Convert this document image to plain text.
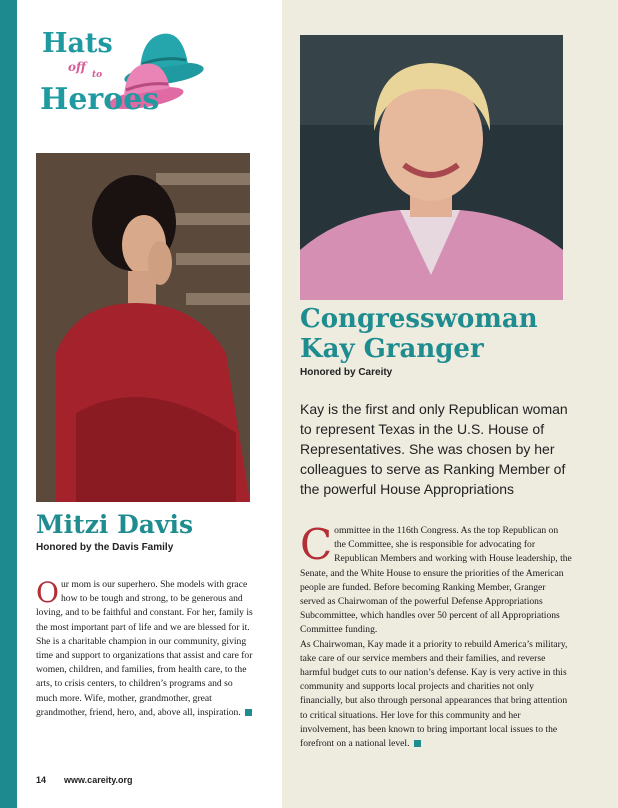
Hats
off
to
Heroes
Mitzi Davis
Honored by the Davis Family
Our mom is our superhero. She models with grace how to be tough and strong, to be generous and loving, and to be faithful and constant. For her, family is the most important part of life and we are blessed for it. She is a charitable champion in our community, giving time and support to organizations that assist and care for women, children, and families, from health care, to the arts, to crisis centers, to children’s programs and so much more. Wife, mother, grandmother, great grandmother, friend, hero, and, above all, inspiration.
Congresswoman
Kay Granger
Honored by Careity
Kay is the first and only Republican woman to represent Texas in the U.S. House of Representatives. She was chosen by her colleagues to serve as Ranking Member of the powerful House Appropriations
Committee in the 116th Congress. As the top Republican on the Committee, she is responsible for advocating for Republican Members and working with House leadership, the Senate, and the White House to ensure the priorities of the American people are funded. Before becoming Ranking Member, Granger served as Chairwoman of the powerful Defense Appropriations Subcommittee, which handles over 50 percent of all Appropriations Committee funding.
As Chairwoman, Kay made it a priority to rebuild America’s military, take care of our service members and their families, and reverse harmful budget cuts to our nation’s defense. Kay is very active in this community and supports local projects and charities not only financially, but also through personal appearances that bring attention to critical situations. Her love for this community and her involvement, has been known to bring important local issues to the forefront on a national level.
14 www.careity.org
